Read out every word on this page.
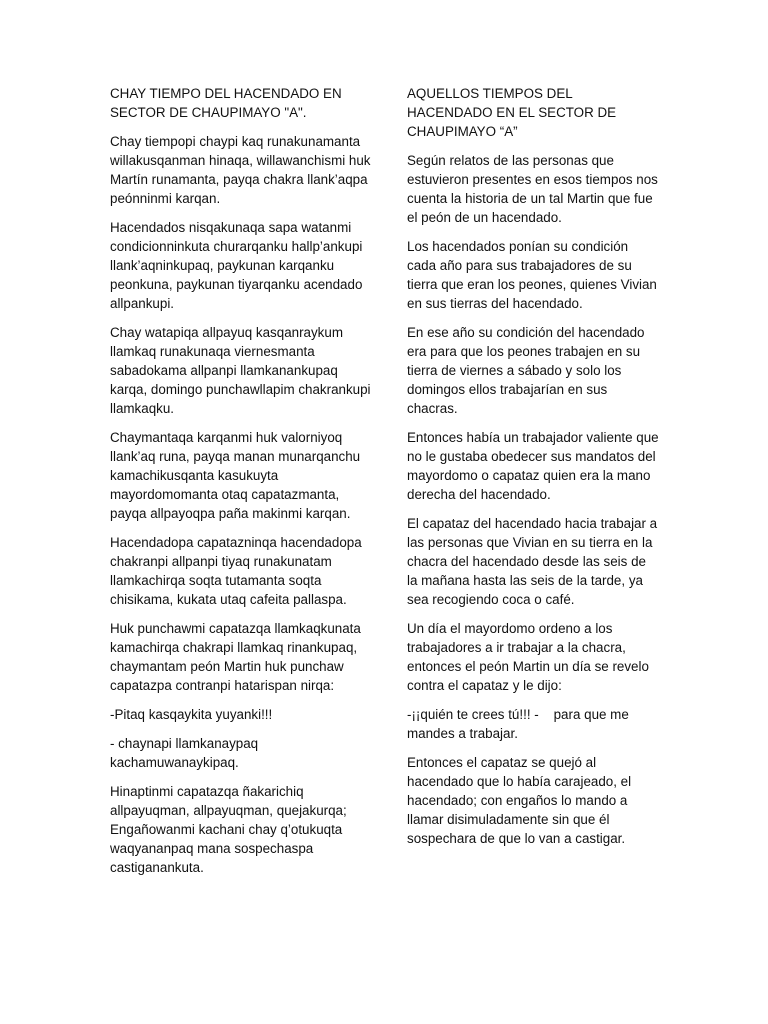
CHAY TIEMPO DEL HACENDADO EN SECTOR DE CHAUPIMAYO "A".

Chay tiempopi chaypi kaq runakunamanta willakusqanman hinaqa, willawanchismi huk Martín runamanta, payqa chakra llank’aqpa peónninmi karqan.

Hacendados nisqakunaqa sapa watanmi condicionninkuta churarqanku hallp’ankupi llank’aqninkupaq, paykunan karqanku peonkuna, paykunan tiyarqanku acendado allpankupi.

Chay watapiqa allpayuq kasqanraykum llamkaq runakunaqa viernesmanta sabadokama allpanpi llamkanankupaq karqa, domingo punchawllapim chakrankupi llamkaqku.

Chaymantaqa karqanmi huk valorniyoq llank’aq runa, payqa manan munarqanchu kamachikusqanta kasukuyta mayordomomanta otaq capatazmanta, payqa allpayoqpa paña makinmi karqan.

Hacendadopa capatazninqa hacendadopa chakranpi allpanpi tiyaq runakunatam llamkachirqa soqta tutamanta soqta chisikama, kukata utaq cafeita pallaspa.

Huk punchawmi capatazqa llamkaqkunata kamachirqa chakrapi llamkaq rinankupaq, chaymantam peón Martin huk punchaw capatazpa contranpi hatarispan nirqa:

-Pitaq kasqaykita yuyanki!!!

- chaynapi llamkanaypaq kachamuwanaykipaq.

Hinaptinmi capatazqa ñakarichiq allpayuqman, allpayuqman, quejakurqa; Engañowanmi kachani chay q’otukuqta waqyananpaq mana sospechaspa castiganankuta.

AQUELLOS TIEMPOS DEL HACENDADO EN EL SECTOR DE CHAUPIMAYO “A”

Según relatos de las personas que estuvieron presentes en esos tiempos nos cuenta la historia de un tal Martin que fue el peón de un hacendado.

Los hacendados ponían su condición cada año para sus trabajadores de su tierra que eran los peones, quienes Vivian en sus tierras del hacendado.

En ese año su condición del hacendado era para que los peones trabajen en su tierra de viernes a sábado y solo los domingos ellos trabajarían en sus chacras.

Entonces había un trabajador valiente que no le gustaba obedecer sus mandatos del mayordomo o capataz quien era la mano derecha del hacendado.

El capataz del hacendado hacia trabajar a las personas que Vivian en su tierra en la chacra del hacendado desde las seis de la mañana hasta las seis de la tarde, ya sea recogiendo coca o café.

Un día el mayordomo ordeno a los trabajadores a ir trabajar a la chacra, entonces el peón Martin un día se revelo contra el capataz y le dijo:

-¡¡quién te crees tú!!! -    para que me mandes a trabajar.

Entonces el capataz se quejó al hacendado que lo había carajeado, el hacendado; con engaños lo mando a llamar disimuladamente sin que él sospechara de que lo van a castigar.
